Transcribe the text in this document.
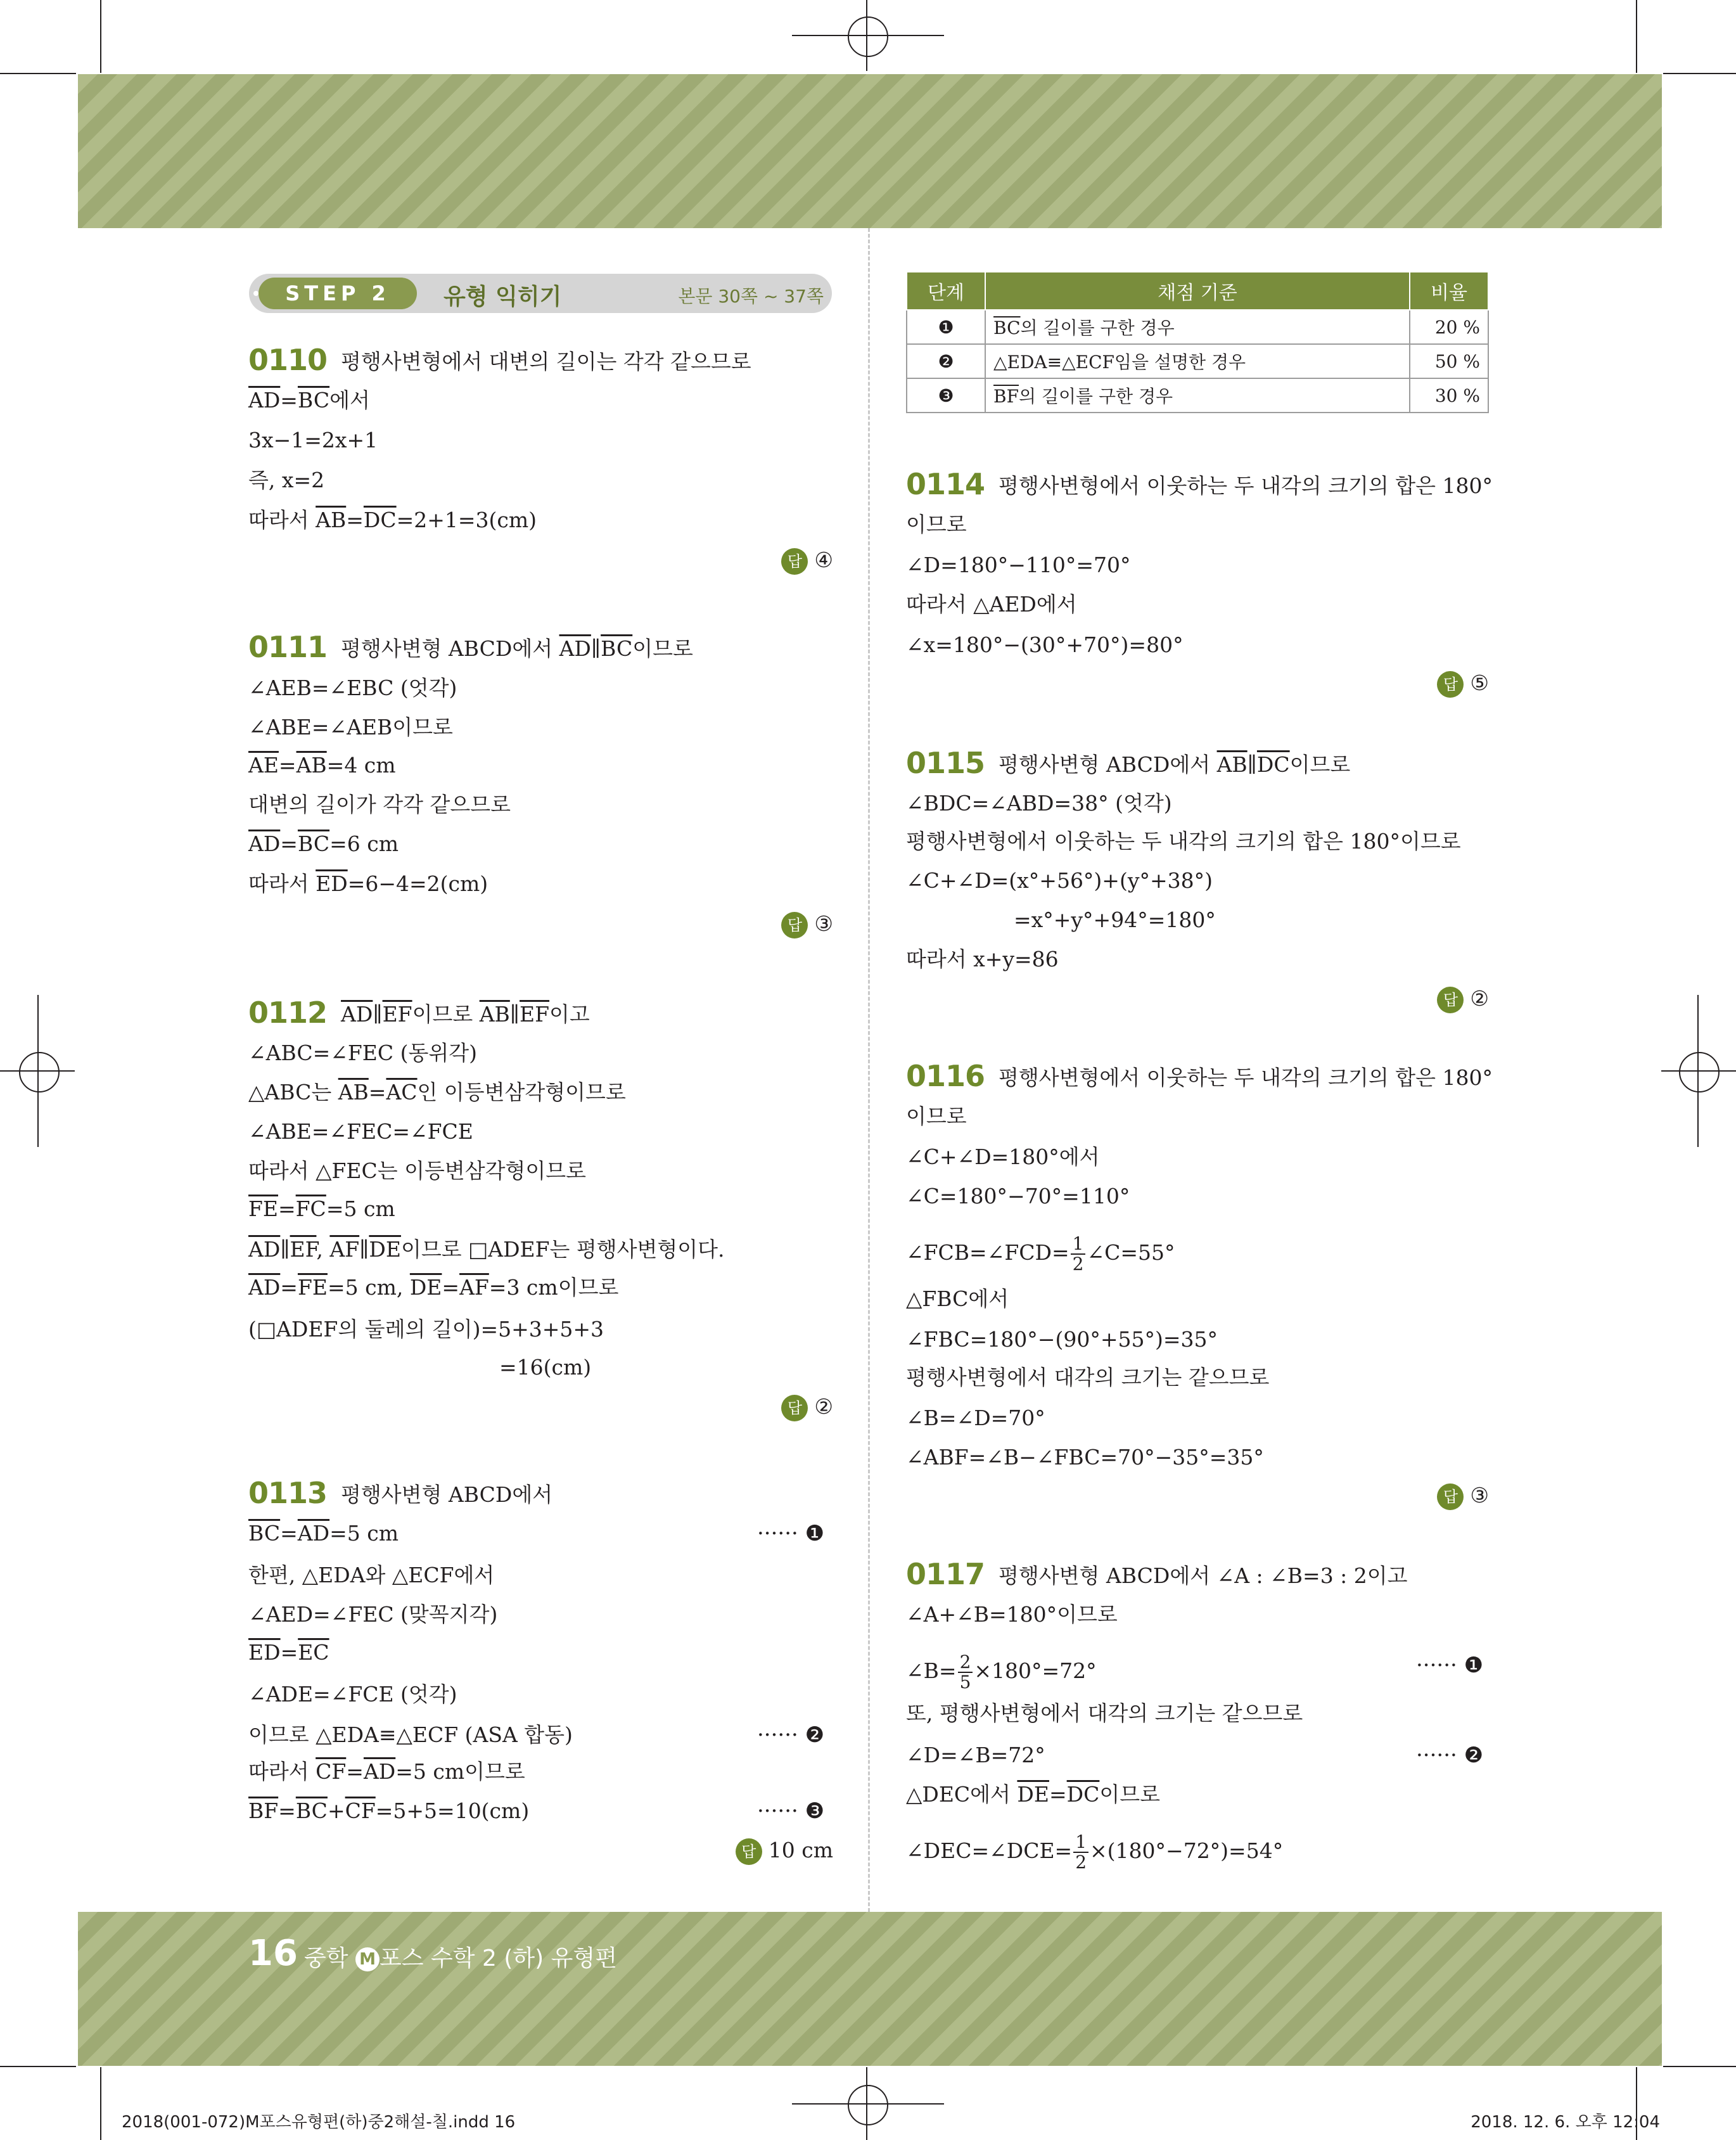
STEP 2	유형 익히기	본문 30쪽 ~ 37쪽
0110 평행사변형에서 대변의 길이는 각각 같으므로
$\overline{AD}=\overline{BC}$에서
3x−1=2x+1
즉, x=2
따라서 $\overline{AB}=\overline{DC}=2+1=3(cm)$
답 ④
0111 평행사변형 ABCD에서 $\overline{AD}\parallel\overline{BC}$이므로
∠AEB=∠EBC (엇각)
∠ABE=∠AEB이므로
$\overline{AE}=\overline{AB}=4$ cm
대변의 길이가 각각 같으므로
$\overline{AD}=\overline{BC}=6$ cm
따라서 $\overline{ED}=6-4=2(cm)$
답 ③
0112 $\overline{AD}\parallel\overline{EF}$이므로 $\overline{AB}\parallel\overline{EF}$이고
∠ABC=∠FEC (동위각)
△ABC는 $\overline{AB}=\overline{AC}$인 이등변삼각형이므로
∠ABE=∠FEC=∠FCE
따라서 △FEC는 이등변삼각형이므로
$\overline{FE}=\overline{FC}=5$ cm
$\overline{AD}\parallel\overline{EF}$, $\overline{AF}\parallel\overline{DE}$이므로 □ADEF는 평행사변형이다.
$\overline{AD}=\overline{FE}=5$ cm, $\overline{DE}=\overline{AF}=3$ cm이므로
(□ADEF의 둘레의 길이)=5+3+5+3
=16(cm)
답 ②
0113 평행사변형 ABCD에서
$\overline{BC}=\overline{AD}=5$ cm	······ ❶
한편, △EDA와 △ECF에서
∠AED=∠FEC (맞꼭지각)
$\overline{ED}=\overline{EC}$
∠ADE=∠FCE (엇각)
이므로 △EDA≡△ECF (ASA 합동)	······ ❷
따라서 $\overline{CF}=\overline{AD}=5$ cm이므로
$\overline{BF}=\overline{BC}+\overline{CF}=5+5=10(cm)$	······ ❸
답 10 cm
단계	채점 기준	비율
❶	$\overline{BC}$의 길이를 구한 경우	20 %
❷	△EDA≡△ECF임을 설명한 경우	50 %
❸	$\overline{BF}$의 길이를 구한 경우	30 %
0114 평행사변형에서 이웃하는 두 내각의 크기의 합은 180°
이므로
∠D=180°−110°=70°
따라서 △AED에서
∠x=180°−(30°+70°)=80°
답 ⑤
0115 평행사변형 ABCD에서 $\overline{AB}\parallel\overline{DC}$이므로
∠BDC=∠ABD=38° (엇각)
평행사변형에서 이웃하는 두 내각의 크기의 합은 180°이므로
∠C+∠D=(x°+56°)+(y°+38°)
=x°+y°+94°=180°
따라서 x+y=86
답 ②
0116 평행사변형에서 이웃하는 두 내각의 크기의 합은 180°
이므로
∠C+∠D=180°에서
∠C=180°−70°=110°
∠FCB=∠FCD= $\frac{1}{2}$ ∠C=55°
△FBC에서
∠FBC=180°−(90°+55°)=35°
평행사변형에서 대각의 크기는 같으므로
∠B=∠D=70°
∠ABF=∠B−∠FBC=70°−35°=35°
답 ③
0117 평행사변형 ABCD에서 ∠A : ∠B=3 : 2이고
∠A+∠B=180°이므로
∠B= $\frac{2}{5} \times 180^\circ=72^\circ$	······ ❶
또, 평행사변형에서 대각의 크기는 같으므로
∠D=∠B=72°	······ ❷
△DEC에서 $\overline{DE}=\overline{DC}$이므로
∠DEC=∠DCE= $\frac{1}{2} \times(180^\circ-72^\circ)=54^\circ$
16 중학 M 포스 수학 2 (하) 유형편
2018(001-072)M포스유형편(하)중2해설-칠.indd 16	2018. 12. 6. 오후 12:04
